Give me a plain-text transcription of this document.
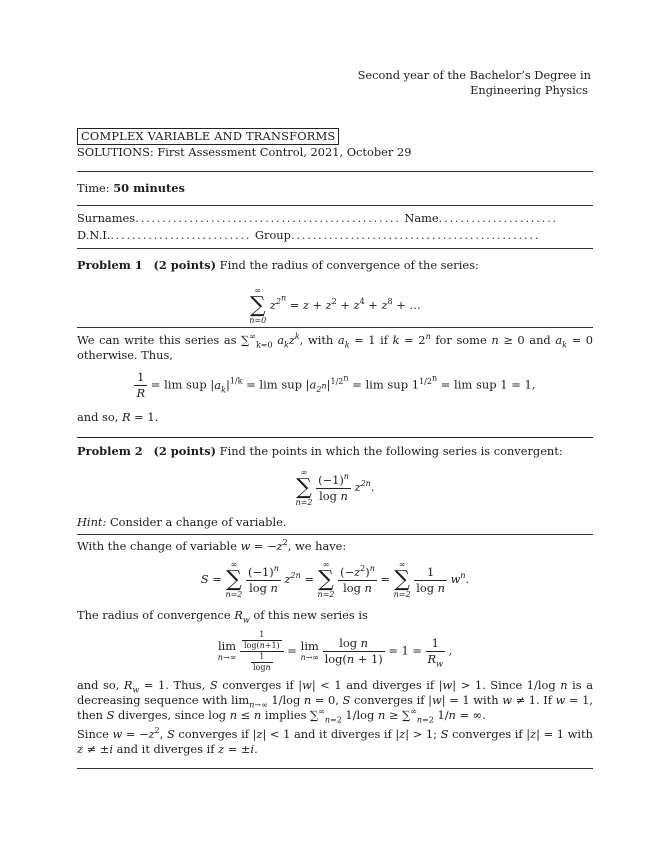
Second year of the Bachelor’s Degree in
Engineering Physics
COMPLEX VARIABLE AND TRANSFORMS
SOLUTIONS: First Assessment Control, 2021, October 29
Time: 50 minutes
Surnames................................................. Name......................
D.N.I........................... Group..............................................
Problem 1 (2 points) Find the radius of convergence of the series:
∞
∑
n=0
$z^{2^n} = z + z^2 + z^4 + z^8$ + …
We can write this series as $\sum^\infty_{k=0}$ $a_kz^k$, with $a_k = 1$ if $k = 2^n$ for some n ≥ 0 and $a_k = 0$ otherwise. Thus,
$\frac{1}{R} = \lim$ sup $|a_k|^{1/k} = \lim$ sup $|a_{2^n}|^{1/2^n} = \lim$ sup $1^{1/2^n} = \lim$ sup 1 = 1,
and so, R = 1.
Problem 2 (2 points) Find the points in which the following series is convergent:
∞
∑
n=2
$\frac{(-1)^n}{\text{log n}} z^{2n}$.
Hint: Consider a change of variable.
With the change of variable $w = -z^2$, we have:
S =
∞
∑
n=2
$\frac{(-1)^n}{\text{log n}} z^{2n}$ =
∞
∑
n=2
$\frac{(-z^2)^n}{\text{log n}}$ =
∞
∑
n=2
$\frac{1}{\text{log n}} w^n$.
The radius of convergence $R_w$ of this new series is
lim
n→∞
$\frac{\frac{1}{\log(n+1)}}{\frac{1}{\log n}} = \lim$
n→∞
$\frac{\text{log n}}{\log(n + 1)} = 1 = \frac{1}{R_w}$ ,
and so, $R_w = 1$. Thus, S converges if |w| < 1 and diverges if |w| > 1. Since 1/log n is a decreasing sequence with $\lim_{n\to\infty} 1/\log$ n = 0, S converges if |w| = 1 with w ≠ 1. If w = 1, then S diverges, since log n ≤ n implies $\sum^\infty_{n=2}$ 1/log $n \ge \sum^\infty_{n=2}$ 1/n = ∞.
Since $w = -z^2$, S converges if |z| < 1 and it diverges if |z| > 1; S converges if |z| = 1 with z ≠ ±i and it diverges if z = ±i.
